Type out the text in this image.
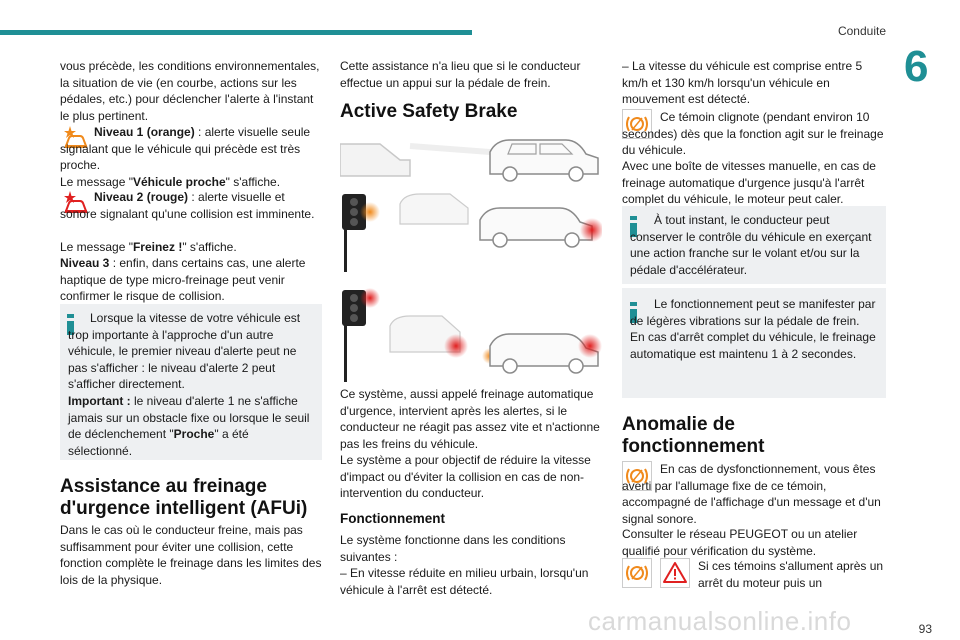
Conduite
6
vous précède, les conditions environnementales, la situation de vie (en courbe, actions sur les pédales, etc.) pour déclencher l'alerte à l'instant le plus pertinent.
Niveau 1 (orange) : alerte visuelle seule signalant que le véhicule qui précède est très proche.
Le message "Véhicule proche" s'affiche.
Niveau 2 (rouge) : alerte visuelle et sonore signalant qu'une collision est imminente.
Le message "Freinez !" s'affiche.
Niveau 3 : enfin, dans certains cas, une alerte haptique de type micro-freinage peut venir confirmer le risque de collision.
Lorsque la vitesse de votre véhicule est trop importante à l'approche d'un autre véhicule, le premier niveau d'alerte peut ne pas s'afficher : le niveau d'alerte 2 peut s'afficher directement.
Important : le niveau d'alerte 1 ne s'affiche jamais sur un obstacle fixe ou lorsque le seuil de déclenchement "Proche" a été sélectionné.
Assistance au freinage d'urgence intelligent (AFUi)
Dans le cas où le conducteur freine, mais pas suffisamment pour éviter une collision, cette fonction complète le freinage dans les limites des lois de la physique.
Cette assistance n'a lieu que si le conducteur effectue un appui sur la pédale de frein.
Active Safety Brake
Ce système, aussi appelé freinage automatique d'urgence, intervient après les alertes, si le conducteur ne réagit pas assez vite et n'actionne pas les freins du véhicule.
Le système a pour objectif de réduire la vitesse d'impact ou d'éviter la collision en cas de non-intervention du conducteur.
Fonctionnement
Le système fonctionne dans les conditions suivantes :
– En vitesse réduite en milieu urbain, lorsqu'un véhicule à l'arrêt est détecté.
– La vitesse du véhicule est comprise entre 5 km/h et 130 km/h lorsqu'un véhicule en mouvement est détecté.
Ce témoin clignote (pendant environ 10 secondes) dès que la fonction agit sur le freinage du véhicule.
Avec une boîte de vitesses manuelle, en cas de freinage automatique d'urgence jusqu'à l'arrêt complet du véhicule, le moteur peut caler.
À tout instant, le conducteur peut conserver le contrôle du véhicule en exerçant une action franche sur le volant et/ou sur la pédale d'accélérateur.
Le fonctionnement peut se manifester par de légères vibrations sur la pédale de frein.
En cas d'arrêt complet du véhicule, le freinage automatique est maintenu 1 à 2 secondes.
Anomalie de fonctionnement
En cas de dysfonctionnement, vous êtes averti par l'allumage fixe de ce témoin, accompagné de l'affichage d'un message et d'un signal sonore.
Consulter le réseau PEUGEOT ou un atelier qualifié pour vérification du système.
Si ces témoins s'allument après un arrêt du moteur puis un
carmanualsonline.info	93
